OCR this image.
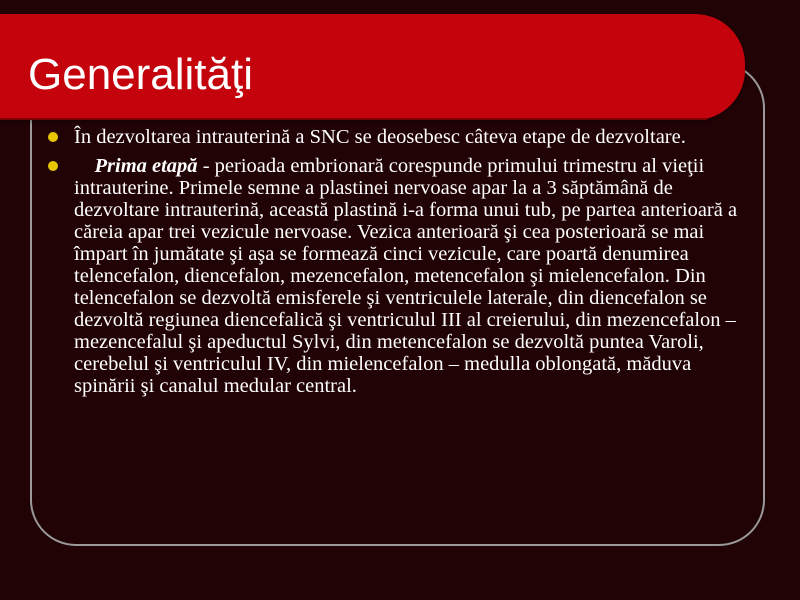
Generalităţi
În dezvoltarea intrauterină a SNC se deosebesc câteva etape de dezvoltare.
Prima etapă - perioada embrionară corespunde primului trimestru al vieţii intrauterine. Primele semne a plastinei nervoase apar la a 3 săptămână de dezvoltare intrauterină, această plastină i-a forma unui tub, pe partea anterioară a căreia apar trei vezicule nervoase. Vezica anterioară şi cea posterioară se mai împart în jumătate şi aşa se formează cinci vezicule, care poartă denumirea telencefalon, diencefalon, mezencefalon, metencefalon şi mielencefalon. Din telencefalon se dezvoltă emisferele şi ventriculele laterale, din diencefalon se dezvoltă regiunea diencefalică şi ventriculul III al creierului, din mezencefalon – mezencefalul şi apeductul Sylvi, din metencefalon se dezvoltă puntea Varoli, cerebelul şi ventriculul IV, din mielencefalon – medulla oblongată, măduva spinării şi canalul medular central.
